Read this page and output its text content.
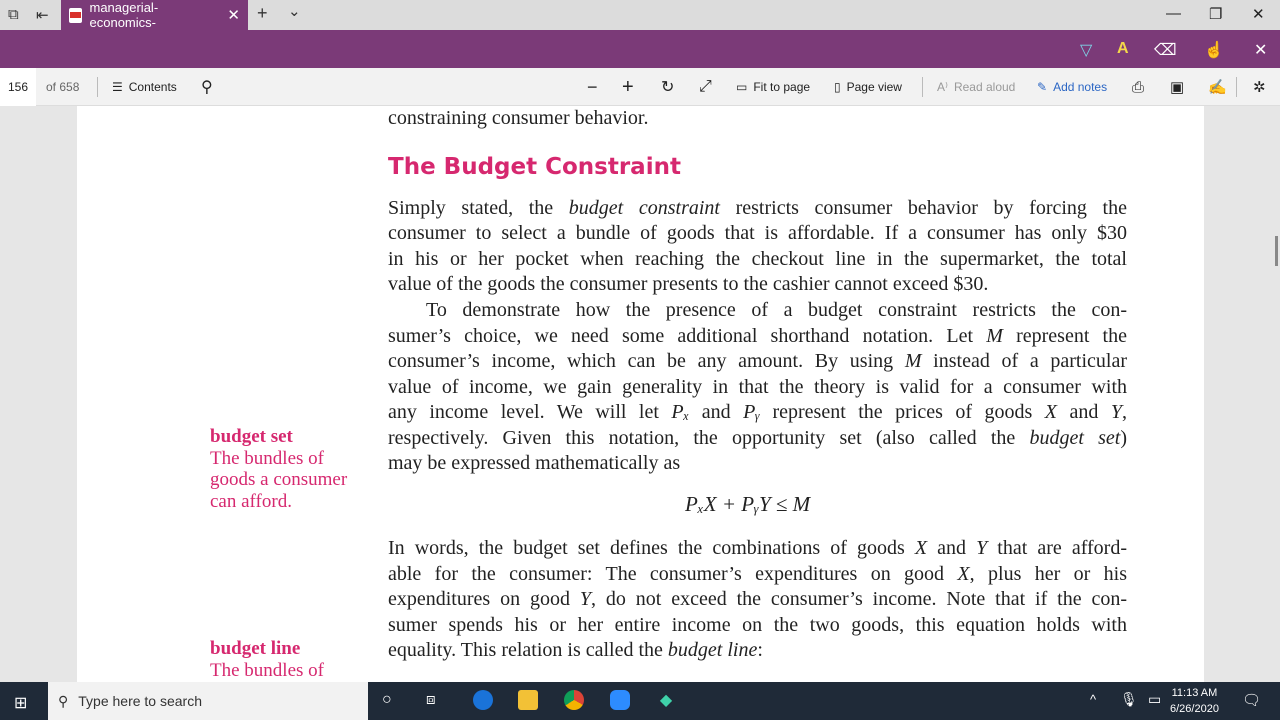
⧉ ⇤	managerial-economics-	✕ + ⌄	— ❐ ✕
▽ A ⌫ ☝ ✕
156	of 658	☰ Contents ⚲	− + ↻ ⤢ ▭ Fit to page ▯ Page view	A⁾ Read aloud ✎ Add notes ⎙ ▣ ✍ ✲
The Budget Constraint
constraining consumer behavior.
Simply stated, the budget constraint restricts consumer behavior by forcing the
consumer to select a bundle of goods that is affordable. If a consumer has only $30
in his or her pocket when reaching the checkout line in the supermarket, the total
value of the goods the consumer presents to the cashier cannot exceed $30.
To demonstrate how the presence of a budget constraint restricts the con-
sumer’s choice, we need some additional shorthand notation. Let M represent the
consumer’s income, which can be any amount. By using M instead of a particular
value of income, we gain generality in that the theory is valid for a consumer with
any income level. We will let Pₓ and Pᵧ represent the prices of goods X and Y,
respectively. Given this notation, the opportunity set (also called the budget set)
may be expressed mathematically as
In words, the budget set defines the combinations of goods X and Y that are afford-
able for the consumer: The consumer’s expenditures on good X, plus her or his
expenditures on good Y, do not exceed the consumer’s income. Note that if the con-
sumer spends his or her entire income on the two goods, this equation holds with
equality. This relation is called the budget line:
PₓX + PᵧY ≤ M
budget set
The bundles of
goods a consumer
can afford.
budget line
The bundles of
⊞ ⚲ Type here to search	○ ⧈	◆	^ 🎙 ▭ 11:13 AM
6/26/2020 🗨
